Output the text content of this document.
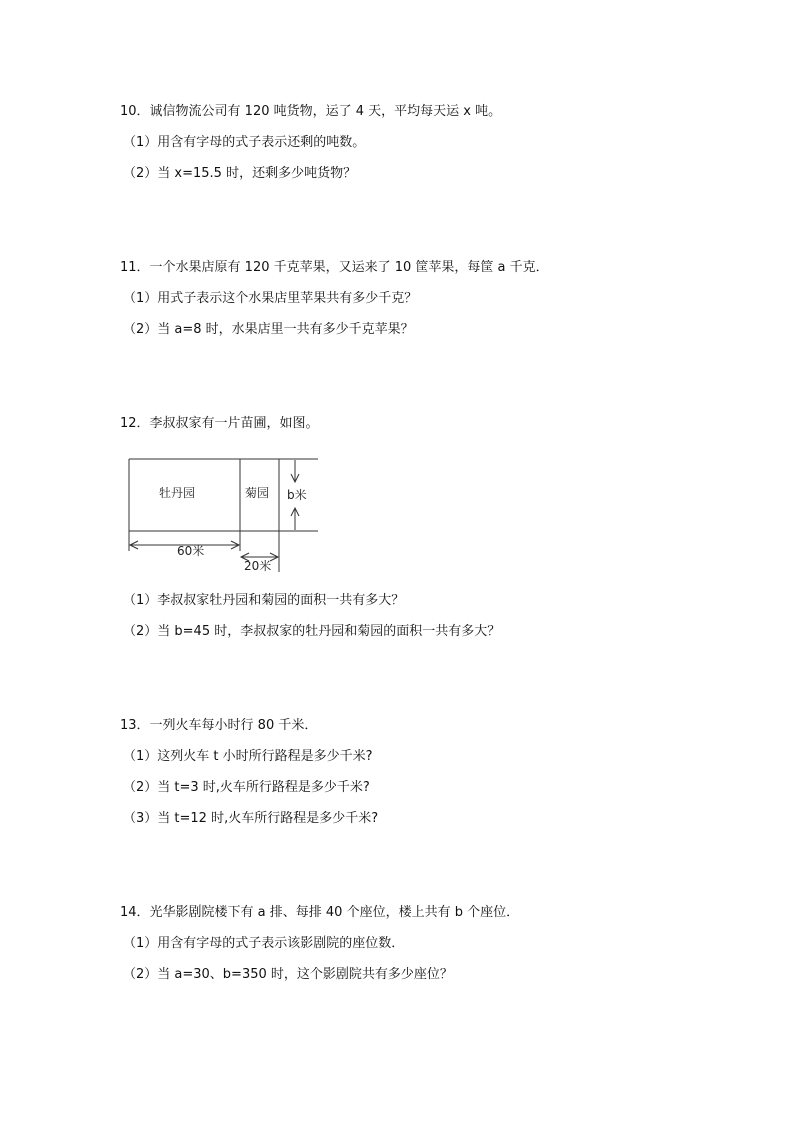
10．诚信物流公司有 120 吨货物，运了 4 天，平均每天运 x 吨。
（1）用含有字母的式子表示还剩的吨数。
（2）当 x=15.5 时，还剩多少吨货物？
11．一个水果店原有 120 千克苹果，又运来了 10 筐苹果，每筐 a 千克．
（1）用式子表示这个水果店里苹果共有多少千克？
（2）当 a=8 时，水果店里一共有多少千克苹果？
12．李叔叔家有一片苗圃，如图。
牡丹园	菊园 b米
60米
20米
（1）李叔叔家牡丹园和菊园的面积一共有多大？
（2）当 b=45 时，李叔叔家的牡丹园和菊园的面积一共有多大？
13．一列火车每小时行 80 千米．
（1）这列火车 t 小时所行路程是多少千米?
（2）当 t=3 时,火车所行路程是多少千米?
（3）当 t=12 时,火车所行路程是多少千米?
14．光华影剧院楼下有 a 排、每排 40 个座位，楼上共有 b 个座位．
（1）用含有字母的式子表示该影剧院的座位数．
（2）当 a=30、b=350 时，这个影剧院共有多少座位？
